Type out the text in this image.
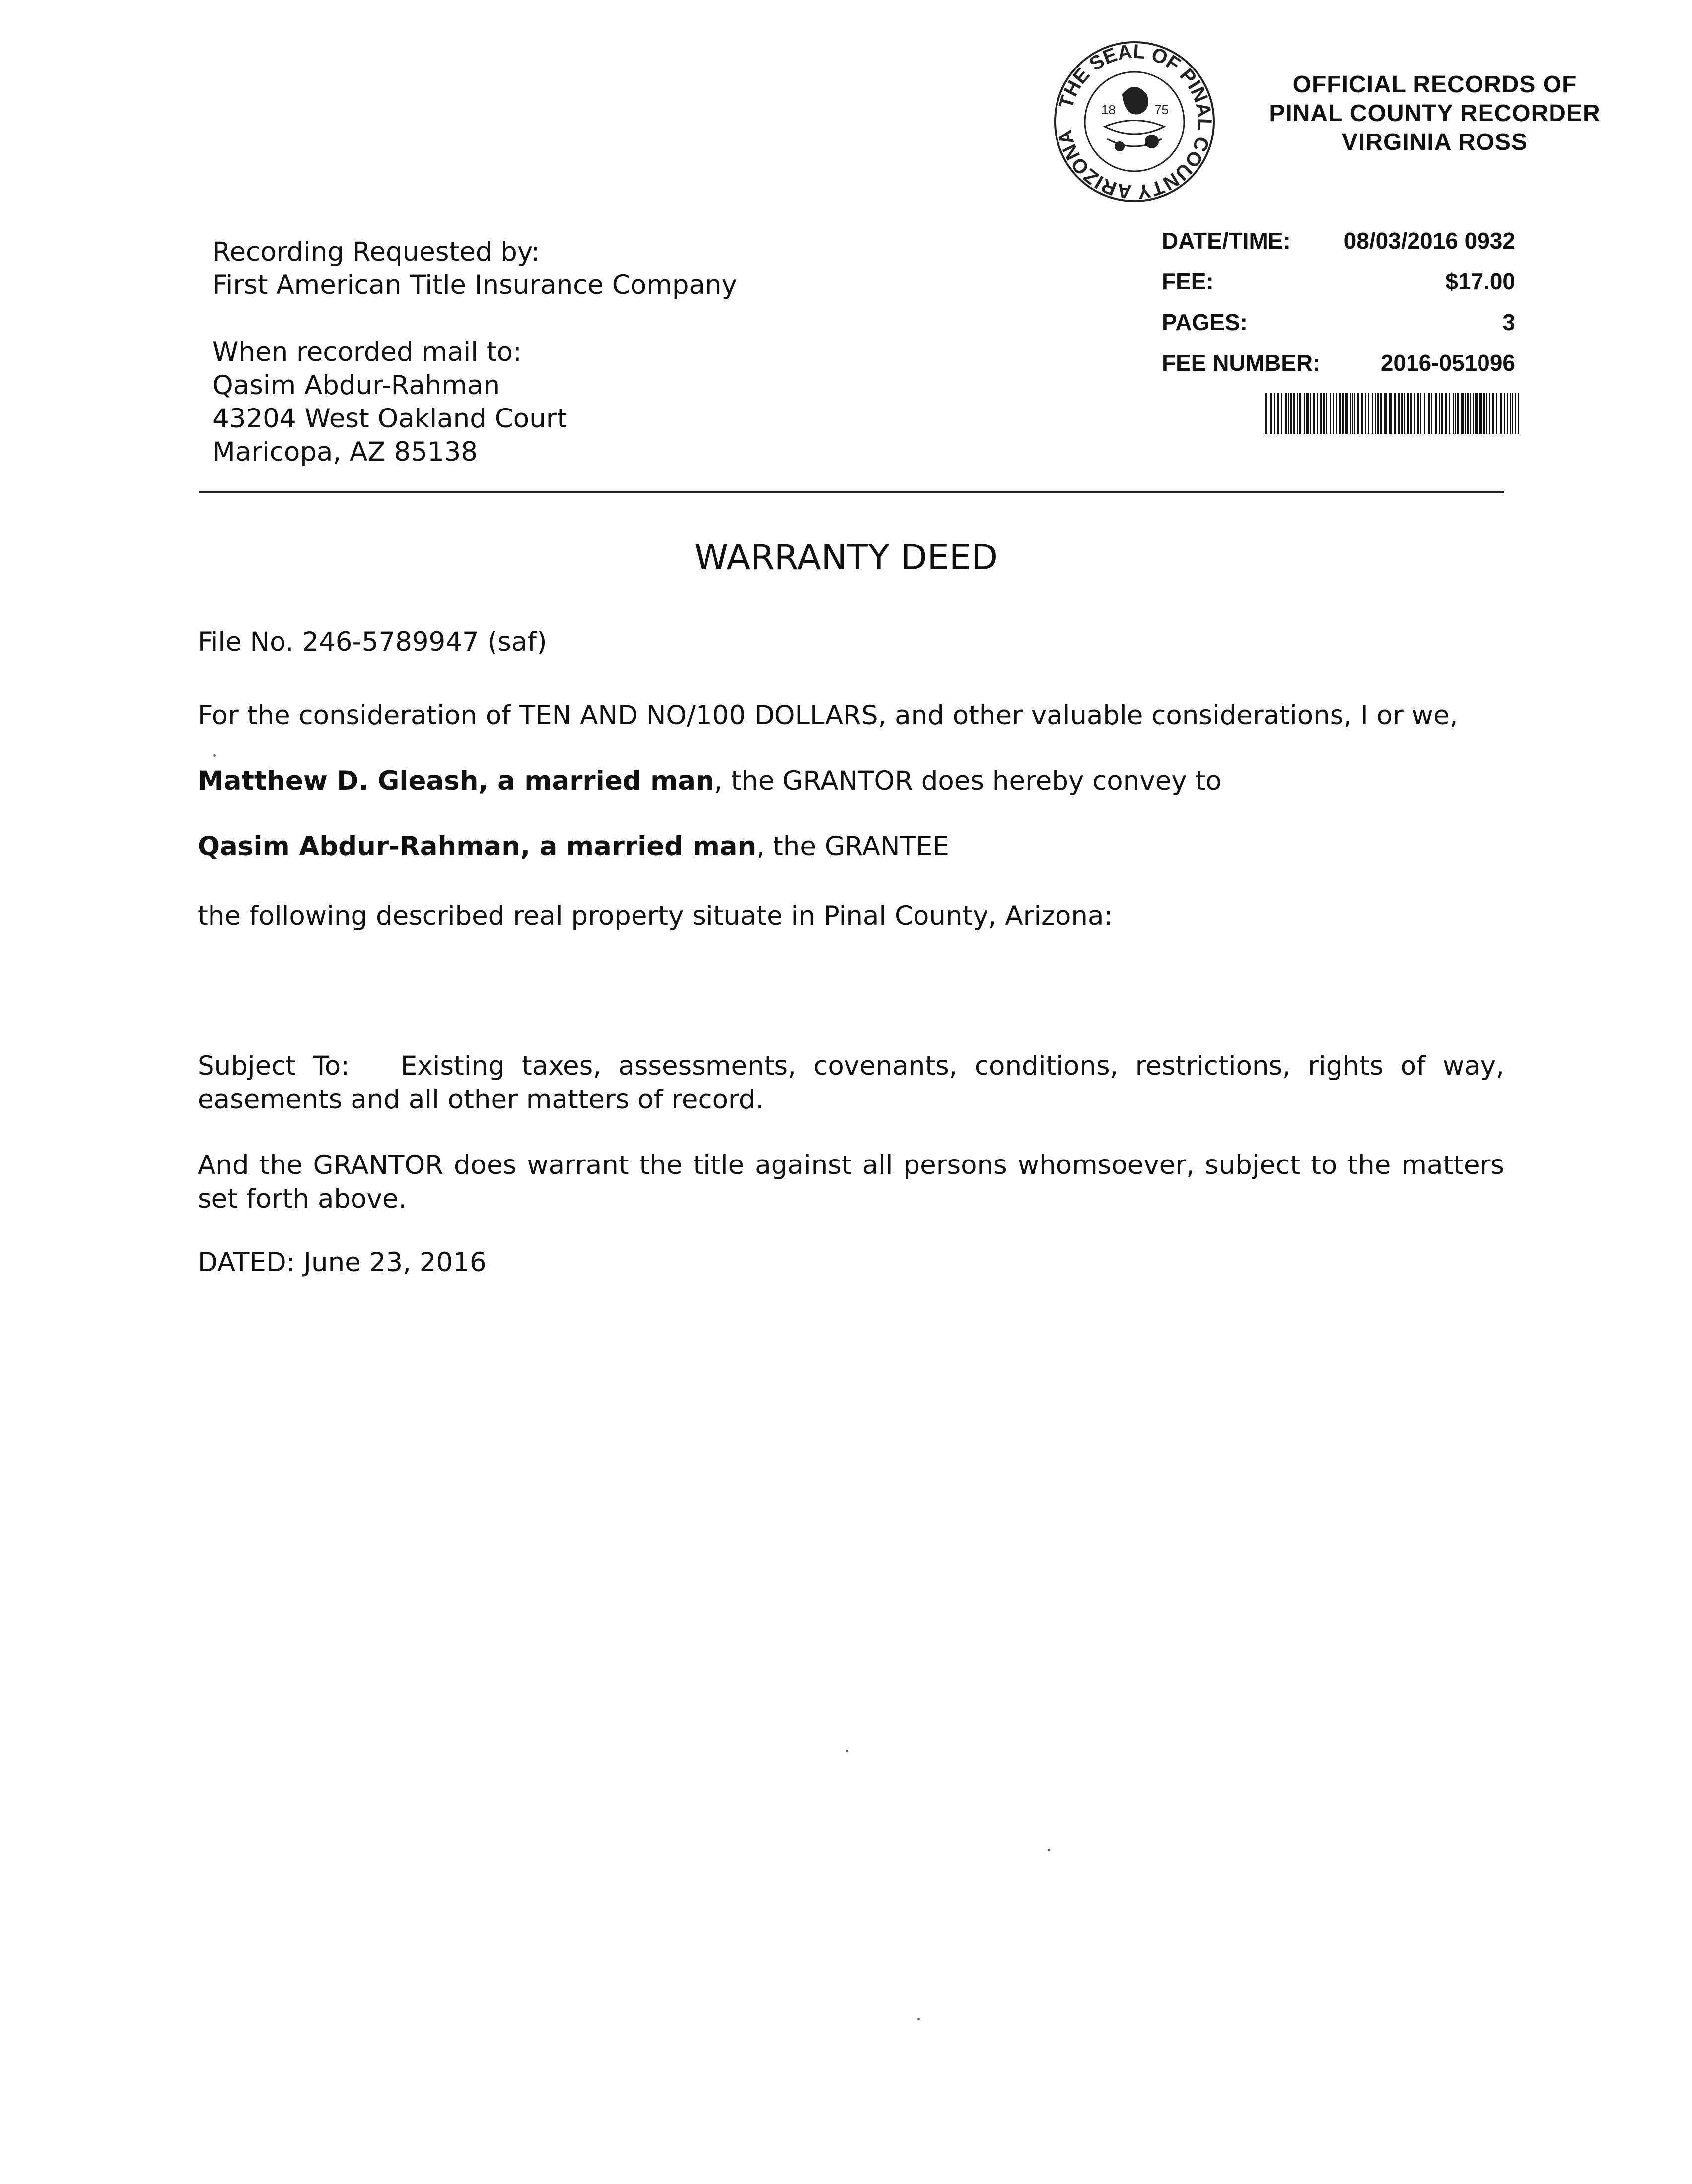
THE SEAL OF PINAL COUNTY ARIZONA
18	75
OFFICIAL RECORDS OF
PINAL COUNTY RECORDER
VIRGINIA ROSS
DATE/TIME: 08/03/2016 0932
FEE:	$17.00
PAGES:	3
FEE NUMBER:	2016-051096
Recording Requested by:
First American Title Insurance Company
When recorded mail to:
Qasim Abdur-Rahman
43204 West Oakland Court
Maricopa, AZ 85138
WARRANTY DEED
File No. 246-5789947 (saf)
For the consideration of TEN AND NO/100 DOLLARS, and other valuable considerations, I or we,
Matthew D. Gleash, a married man, the GRANTOR does hereby convey to
Qasim Abdur-Rahman, a married man, the GRANTEE
the following described real property situate in Pinal County, Arizona:
Subject To: Existing taxes, assessments, covenants, conditions, restrictions, rights of way, easements and all other matters of record.
And the GRANTOR does warrant the title against all persons whomsoever, subject to the matters set forth above.
DATED: June 23, 2016
